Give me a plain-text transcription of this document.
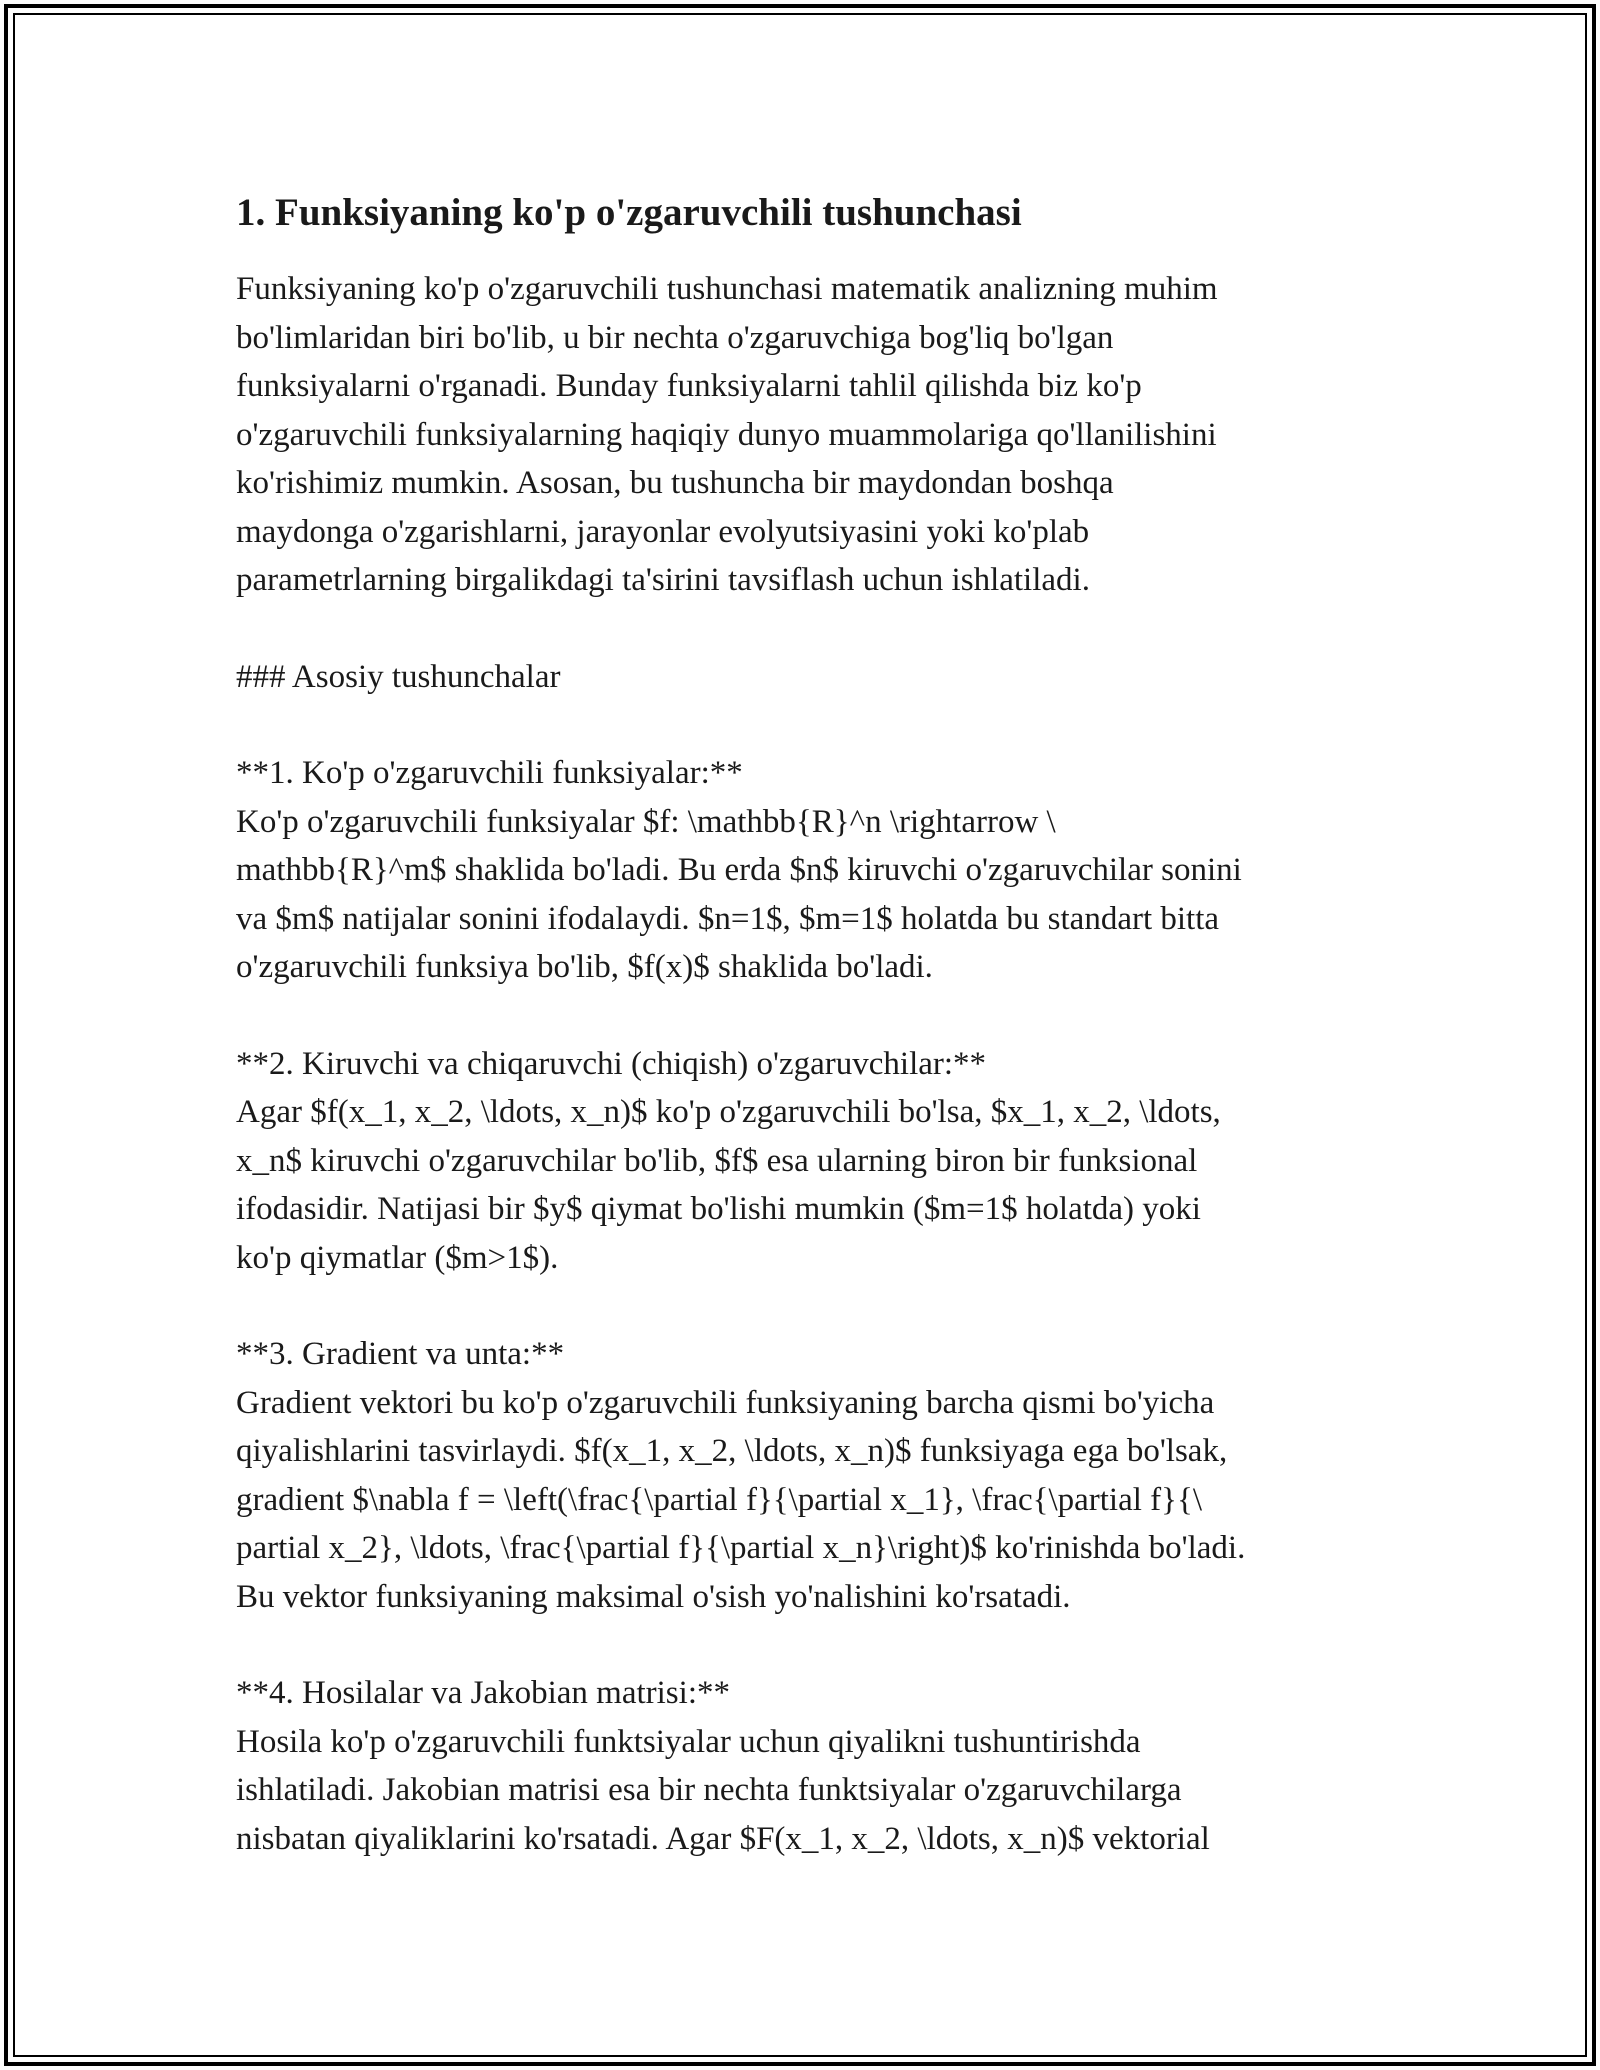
1. Funksiyaning ko'p o'zgaruvchili tushunchasi

Funksiyaning ko'p o'zgaruvchili tushunchasi matematik analizning muhim
bo'limlaridan biri bo'lib, u bir nechta o'zgaruvchiga bog'liq bo'lgan
funksiyalarni o'rganadi. Bunday funksiyalarni tahlil qilishda biz ko'p
o'zgaruvchili funksiyalarning haqiqiy dunyo muammolariga qo'llanilishini
ko'rishimiz mumkin. Asosan, bu tushuncha bir maydondan boshqa
maydonga o'zgarishlarni, jarayonlar evolyutsiyasini yoki ko'plab
parametrlarning birgalikdagi ta'sirini tavsiflash uchun ishlatiladi.

### Asosiy tushunchalar

**1. Ko'p o'zgaruvchili funksiyalar:**

Ko'p o'zgaruvchili funksiyalar $f: \mathbb{R}^n \rightarrow \
mathbb{R}^m$ shaklida bo'ladi. Bu erda $n$ kiruvchi o'zgaruvchilar sonini
va $m$ natijalar sonini ifodalaydi. $n=1$, $m=1$ holatda bu standart bitta
o'zgaruvchili funksiya bo'lib, $f(x)$ shaklida bo'ladi.

**2. Kiruvchi va chiqaruvchi (chiqish) o'zgaruvchilar:**

Agar $f(x_1, x_2, \ldots, x_n)$ ko'p o'zgaruvchili bo'lsa, $x_1, x_2, \ldots,
x_n$ kiruvchi o'zgaruvchilar bo'lib, $f$ esa ularning biron bir funksional
ifodasidir. Natijasi bir $y$ qiymat bo'lishi mumkin ($m=1$ holatda) yoki
ko'p qiymatlar ($m>1$).

**3. Gradient va unta:**

Gradient vektori bu ko'p o'zgaruvchili funksiyaning barcha qismi bo'yicha
qiyalishlarini tasvirlaydi. $f(x_1, x_2, \ldots, x_n)$ funksiyaga ega bo'lsak,
gradient $\nabla f = \left(\frac{\partial f}{\partial x_1}, \frac{\partial f}{\
partial x_2}, \ldots, \frac{\partial f}{\partial x_n}\right)$ ko'rinishda bo'ladi.
Bu vektor funksiyaning maksimal o'sish yo'nalishini ko'rsatadi.

**4. Hosilalar va Jakobian matrisi:**

Hosila ko'p o'zgaruvchili funktsiyalar uchun qiyalikni tushuntirishda
ishlatiladi. Jakobian matrisi esa bir nechta funktsiyalar o'zgaruvchilarga
nisbatan qiyaliklarini ko'rsatadi. Agar $F(x_1, x_2, \ldots, x_n)$ vektorial
